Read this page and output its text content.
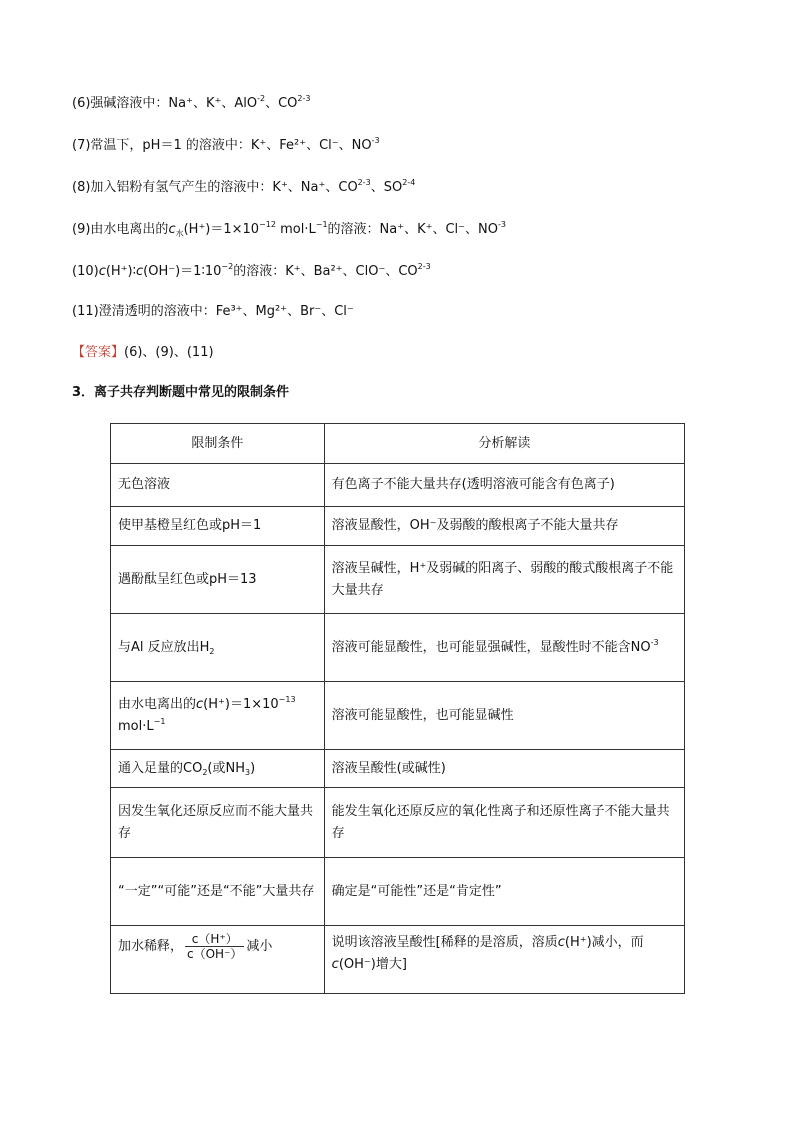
(6)强碱溶液中：Na⁺、K⁺、AlO$^{-2}$、CO$^{2-3}$
(7)常温下，pH＝1 的溶液中：K⁺、Fe²⁺、Cl⁻、$NO^{-3}$
(8)加入铝粉有氢气产生的溶液中：K⁺、Na⁺、CO$^{2-3}$、SO$^{2-4}$
(9)由水电离出的$c_水(H^+)=1\times 10^{-12}$ $mol\cdot L^{-1}$的溶液：Na⁺、K⁺、Cl⁻、$NO^{-3}$
$(10)c(H^+)∶c(OH^-)=1∶10^{-2}$的溶液：K⁺、Ba²⁺、ClO⁻、CO$^{2-3}$
(11)澄清透明的溶液中：Fe³⁺、Mg²⁺、Br⁻、Cl⁻
【答案】(6)、(9)、(11)
3．离子共存判断题中常见的限制条件
限制条件	分析解读
无色溶液	有色离子不能大量共存(透明溶液可能含有色离子)
使甲基橙呈红色或pH＝1	溶液显酸性，OH⁻及弱酸的酸根离子不能大量共存
遇酚酞呈红色或pH＝13	溶液呈碱性，H⁺及弱碱的阳离子、弱酸的酸式酸根离子不能大量共存
与Al 反应放出$H_2$	溶液可能显酸性，也可能显强碱性，显酸性时不能含$NO^{-3}$
由水电离出的$c(H^+)=1\times 10^{-13}$ $mol\cdot L^{-1}$	溶液可能显酸性，也可能显碱性
通入足量的$CO_2$(或$NH_3$)	溶液呈酸性(或碱性)
因发生氧化还原反应而不能大量共存	能发生氧化还原反应的氧化性离子和还原性离子不能大量共存
“一定”“可能”还是“不能”大量共存	确定是“可能性”还是“肯定性”
加水稀释， $\frac{c(H^+)}{c(OH^-)}$ 减小	说明该溶液呈酸性[稀释的是溶质，溶质c(H⁺)减小，而c(OH⁻)增大]
